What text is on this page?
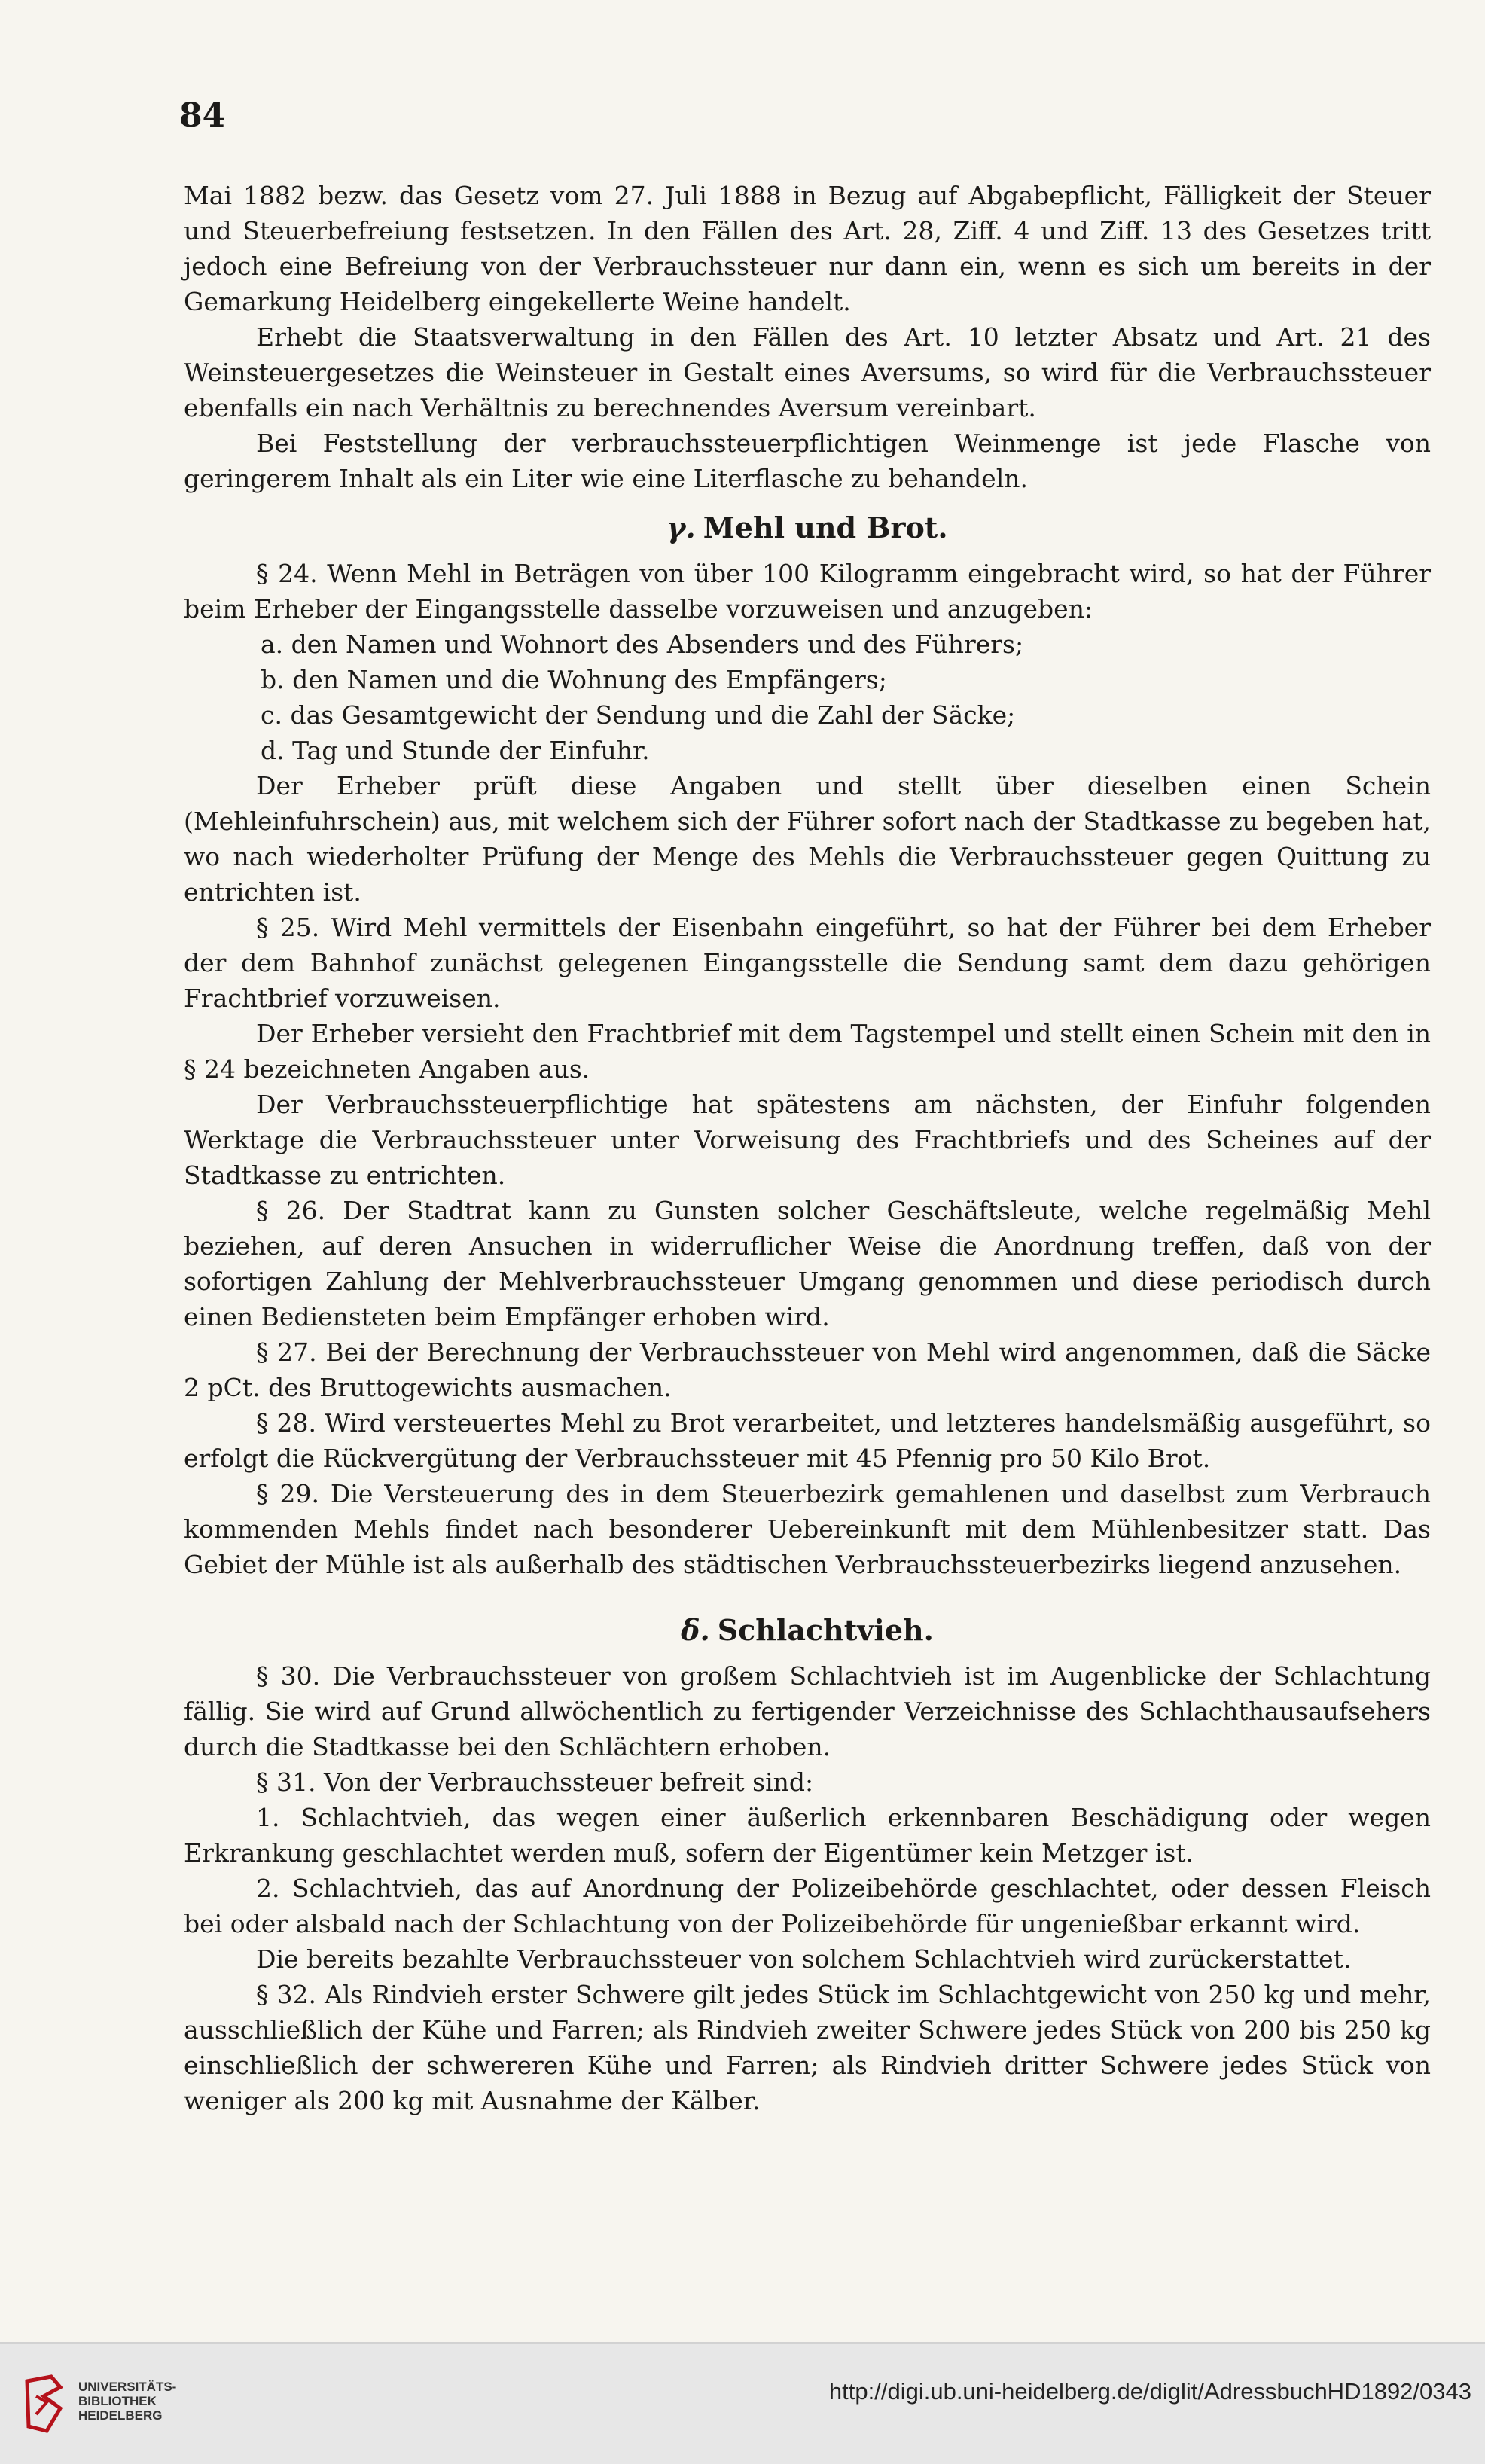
84

Mai 1882 bezw. das Gesetz vom 27. Juli 1888 in Bezug auf Abgabepflicht, Fälligkeit der Steuer und Steuerbefreiung festsetzen. In den Fällen des Art. 28, Ziff. 4 und Ziff. 13 des Gesetzes tritt jedoch eine Befreiung von der Verbrauchssteuer nur dann ein, wenn es sich um bereits in der Gemarkung Heidelberg eingekellerte Weine handelt.

Erhebt die Staatsverwaltung in den Fällen des Art. 10 letzter Absatz und Art. 21 des Weinsteuergesetzes die Weinsteuer in Gestalt eines Aversums, so wird für die Verbrauchssteuer ebenfalls ein nach Verhältnis zu berechnendes Aversum vereinbart.

Bei Feststellung der verbrauchssteuerpflichtigen Weinmenge ist jede Flasche von geringerem Inhalt als ein Liter wie eine Literflasche zu behandeln.

γ. Mehl und Brot.

§ 24. Wenn Mehl in Beträgen von über 100 Kilogramm eingebracht wird, so hat der Führer beim Erheber der Eingangsstelle dasselbe vorzuweisen und anzugeben:

a. den Namen und Wohnort des Absenders und des Führers;

b. den Namen und die Wohnung des Empfängers;

c. das Gesamtgewicht der Sendung und die Zahl der Säcke;

d. Tag und Stunde der Einfuhr.

Der Erheber prüft diese Angaben und stellt über dieselben einen Schein (Mehleinfuhrschein) aus, mit welchem sich der Führer sofort nach der Stadtkasse zu begeben hat, wo nach wiederholter Prüfung der Menge des Mehls die Verbrauchssteuer gegen Quittung zu entrichten ist.

§ 25. Wird Mehl vermittels der Eisenbahn eingeführt, so hat der Führer bei dem Erheber der dem Bahnhof zunächst gelegenen Eingangsstelle die Sendung samt dem dazu gehörigen Frachtbrief vorzuweisen.

Der Erheber versieht den Frachtbrief mit dem Tagstempel und stellt einen Schein mit den in § 24 bezeichneten Angaben aus.

Der Verbrauchssteuerpflichtige hat spätestens am nächsten, der Einfuhr folgenden Werktage die Verbrauchssteuer unter Vorweisung des Frachtbriefs und des Scheines auf der Stadtkasse zu entrichten.

§ 26. Der Stadtrat kann zu Gunsten solcher Geschäftsleute, welche regelmäßig Mehl beziehen, auf deren Ansuchen in widerruflicher Weise die Anordnung treffen, daß von der sofortigen Zahlung der Mehlverbrauchssteuer Umgang genommen und diese periodisch durch einen Bediensteten beim Empfänger erhoben wird.

§ 27. Bei der Berechnung der Verbrauchssteuer von Mehl wird angenommen, daß die Säcke 2 pCt. des Bruttogewichts ausmachen.

§ 28. Wird versteuertes Mehl zu Brot verarbeitet, und letzteres handelsmäßig ausgeführt, so erfolgt die Rückvergütung der Verbrauchssteuer mit 45 Pfennig pro 50 Kilo Brot.

§ 29. Die Versteuerung des in dem Steuerbezirk gemahlenen und daselbst zum Verbrauch kommenden Mehls findet nach besonderer Uebereinkunft mit dem Mühlenbesitzer statt. Das Gebiet der Mühle ist als außerhalb des städtischen Verbrauchssteuerbezirks liegend anzusehen.

δ. Schlachtvieh.

§ 30. Die Verbrauchssteuer von großem Schlachtvieh ist im Augenblicke der Schlachtung fällig. Sie wird auf Grund allwöchentlich zu fertigender Verzeichnisse des Schlachthausaufsehers durch die Stadtkasse bei den Schlächtern erhoben.

§ 31. Von der Verbrauchssteuer befreit sind:

1. Schlachtvieh, das wegen einer äußerlich erkennbaren Beschädigung oder wegen Erkrankung geschlachtet werden muß, sofern der Eigentümer kein Metzger ist.

2. Schlachtvieh, das auf Anordnung der Polizeibehörde geschlachtet, oder dessen Fleisch bei oder alsbald nach der Schlachtung von der Polizeibehörde für ungenießbar erkannt wird.

Die bereits bezahlte Verbrauchssteuer von solchem Schlachtvieh wird zurückerstattet.

§ 32. Als Rindvieh erster Schwere gilt jedes Stück im Schlachtgewicht von 250 kg und mehr, ausschließlich der Kühe und Farren; als Rindvieh zweiter Schwere jedes Stück von 200 bis 250 kg einschließlich der schwereren Kühe und Farren; als Rindvieh dritter Schwere jedes Stück von weniger als 200 kg mit Ausnahme der Kälber.

UNIVERSITÄTS-
BIBLIOTHEK
HEIDELBERG
http://digi.ub.uni-heidelberg.de/diglit/AdressbuchHD1892/0343
